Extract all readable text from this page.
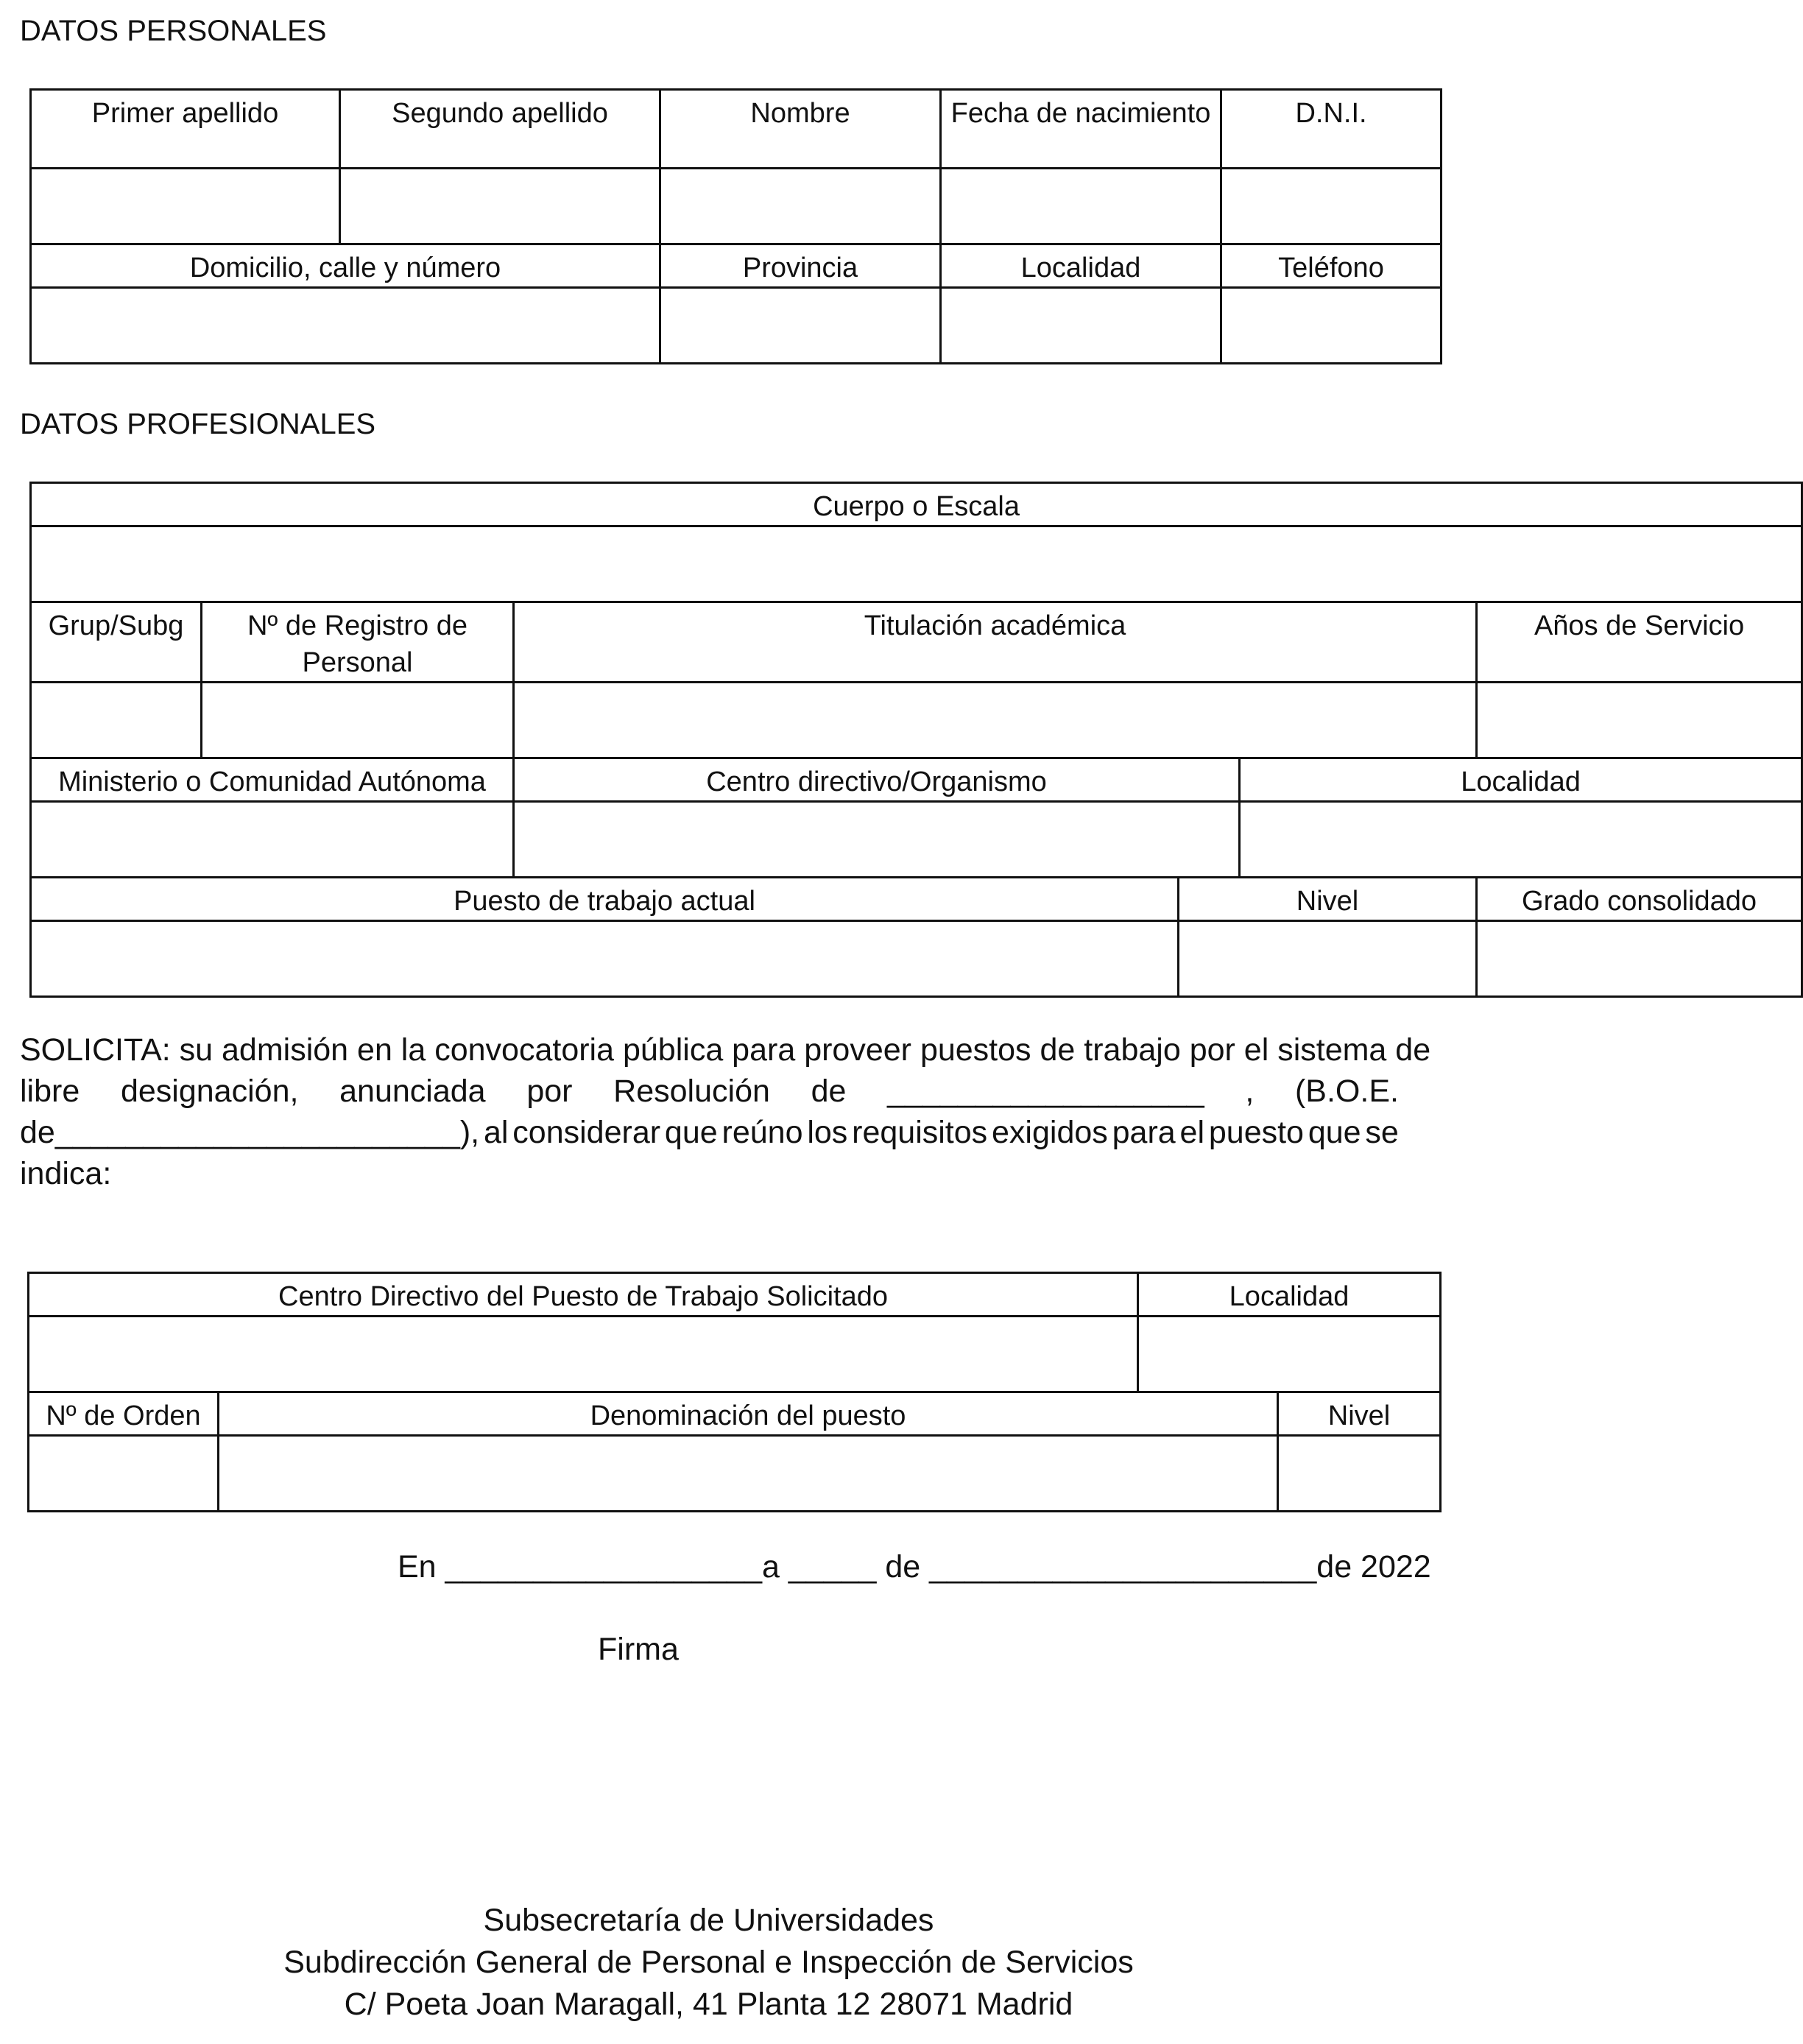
DATOS PERSONALES
Primer apellido	Segundo apellido	Nombre	Fecha de nacimiento	D.N.I.

Domicilio, calle y número		Provincia	Localidad	Teléfono

DATOS PROFESIONALES
Cuerpo o Escala					

Grup/Subg	Nº de Registro de Personal	Titulación académica			Años de Servicio

Ministerio o Comunidad Autónoma		Centro directivo/Organismo		Localidad	

Puesto de trabajo actual			Nivel		Grado consolidado

SOLICITA: su admisión en la convocatoria pública para proveer puestos de trabajo por el sistema de
libre designación, anunciada por Resolución de __________________ , (B.O.E.
de_______________________), al considerar que reúno los requisitos exigidos para el puesto que se
indica:
Centro Directivo del Puesto de Trabajo Solicitado		Localidad	

Nº de Orden	Denominación del puesto		Nivel

En __________________a _____ de ______________________de 2022
Firma
Subsecretaría de Universidades
Subdirección General de Personal e Inspección de Servicios
C/ Poeta Joan Maragall, 41 Planta 12 28071 Madrid
